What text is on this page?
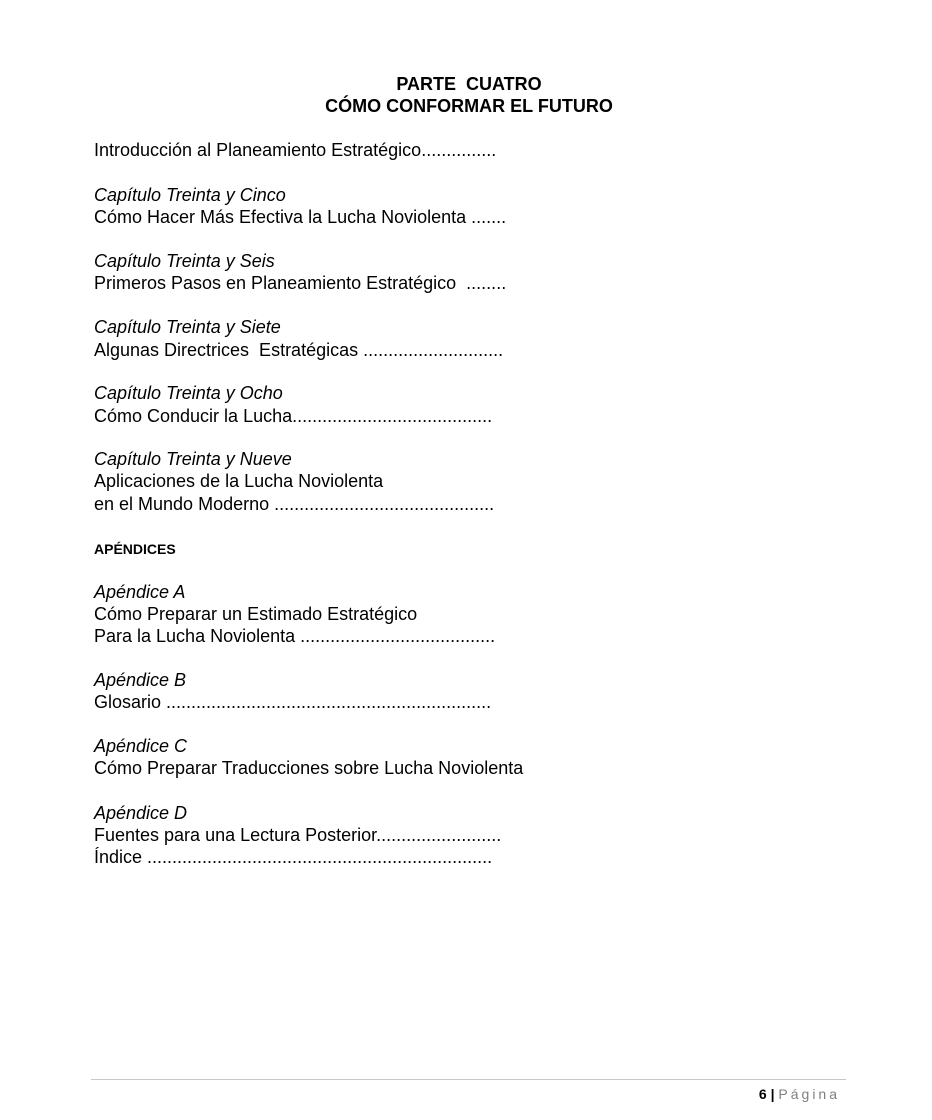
PARTE  CUATRO
CÓMO CONFORMAR EL FUTURO
Introducción al Planeamiento Estratégico...............
Capítulo Treinta y Cinco
Cómo Hacer Más Efectiva la Lucha Noviolenta .......
Capítulo Treinta y Seis
Primeros Pasos en Planeamiento Estratégico  ........
Capítulo Treinta y Siete
Algunas Directrices  Estratégicas ............................
Capítulo Treinta y Ocho
Cómo Conducir la Lucha........................................
Capítulo Treinta y Nueve
Aplicaciones de la Lucha Noviolenta
en el Mundo Moderno ............................................
APÉNDICES
Apéndice A
Cómo Preparar un Estimado Estratégico
Para la Lucha Noviolenta .......................................
Apéndice B
Glosario .................................................................
Apéndice C
Cómo Preparar Traducciones sobre Lucha Noviolenta
Apéndice D
Fuentes para una Lectura Posterior.........................
Índice .....................................................................
6 | Página
